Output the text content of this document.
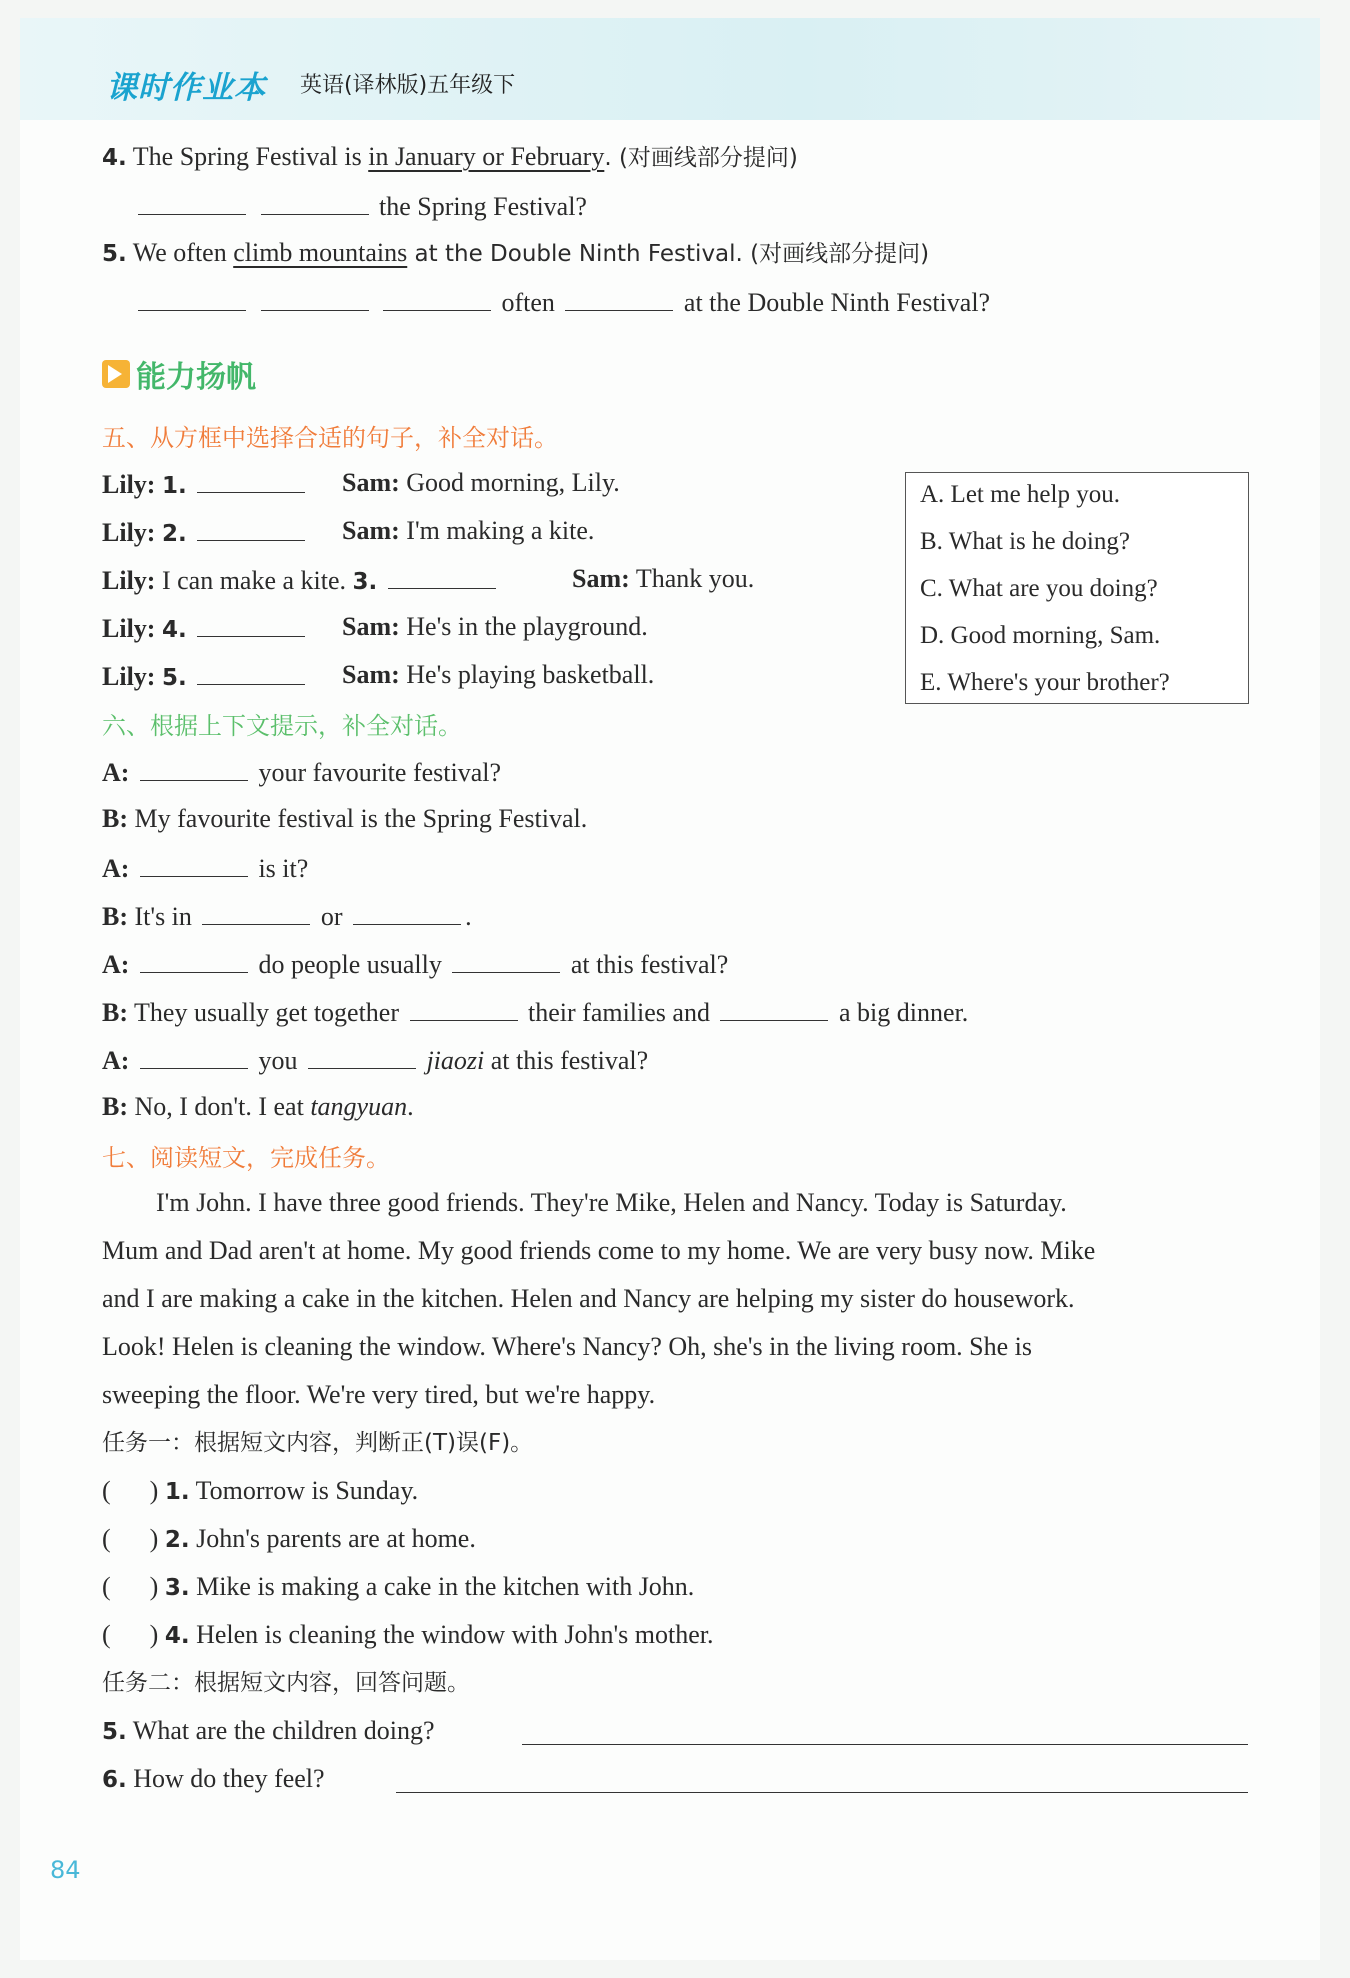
课时作业本 英语(译林版)五年级下
4. The Spring Festival is in January or February. (对画线部分提问)
the Spring Festival?
5. We often climb mountains at the Double Ninth Festival. (对画线部分提问)
often	at the Double Ninth Festival?
能力扬帆
五、从方框中选择合适的句子，补全对话。
Lily: 1.	Sam: Good morning, Lily.
Lily: 2.	Sam: I'm making a kite.
Lily: I can make a kite. 3.	Sam: Thank you.
Lily: 4.	Sam: He's in the playground.
Lily: 5.	Sam: He's playing basketball.
A. Let me help you.
B. What is he doing?
C. What are you doing?
D. Good morning, Sam.
E. Where's your brother?
六、根据上下文提示，补全对话。
A:	your favourite festival?
B: My favourite festival is the Spring Festival.
A:	is it?
B: It's in	or	.
A:	do people usually	at this festival?
B: They usually get together	their families and	a big dinner.
A:	you	jiaozi at this festival?
B: No, I don't. I eat tangyuan.
七、阅读短文，完成任务。
I'm John. I have three good friends. They're Mike, Helen and Nancy. Today is Saturday.
Mum and Dad aren't at home. My good friends come to my home. We are very busy now. Mike
and I are making a cake in the kitchen. Helen and Nancy are helping my sister do housework.
Look! Helen is cleaning the window. Where's Nancy? Oh, she's in the living room. She is
sweeping the floor. We're very tired, but we're happy.
任务一：根据短文内容，判断正(T)误(F)。
(      ) 1. Tomorrow is Sunday.
(      ) 2. John's parents are at home.
(      ) 3. Mike is making a cake in the kitchen with John.
(      ) 4. Helen is cleaning the window with John's mother.
任务二：根据短文内容，回答问题。
5. What are the children doing?
6. How do they feel?
84
